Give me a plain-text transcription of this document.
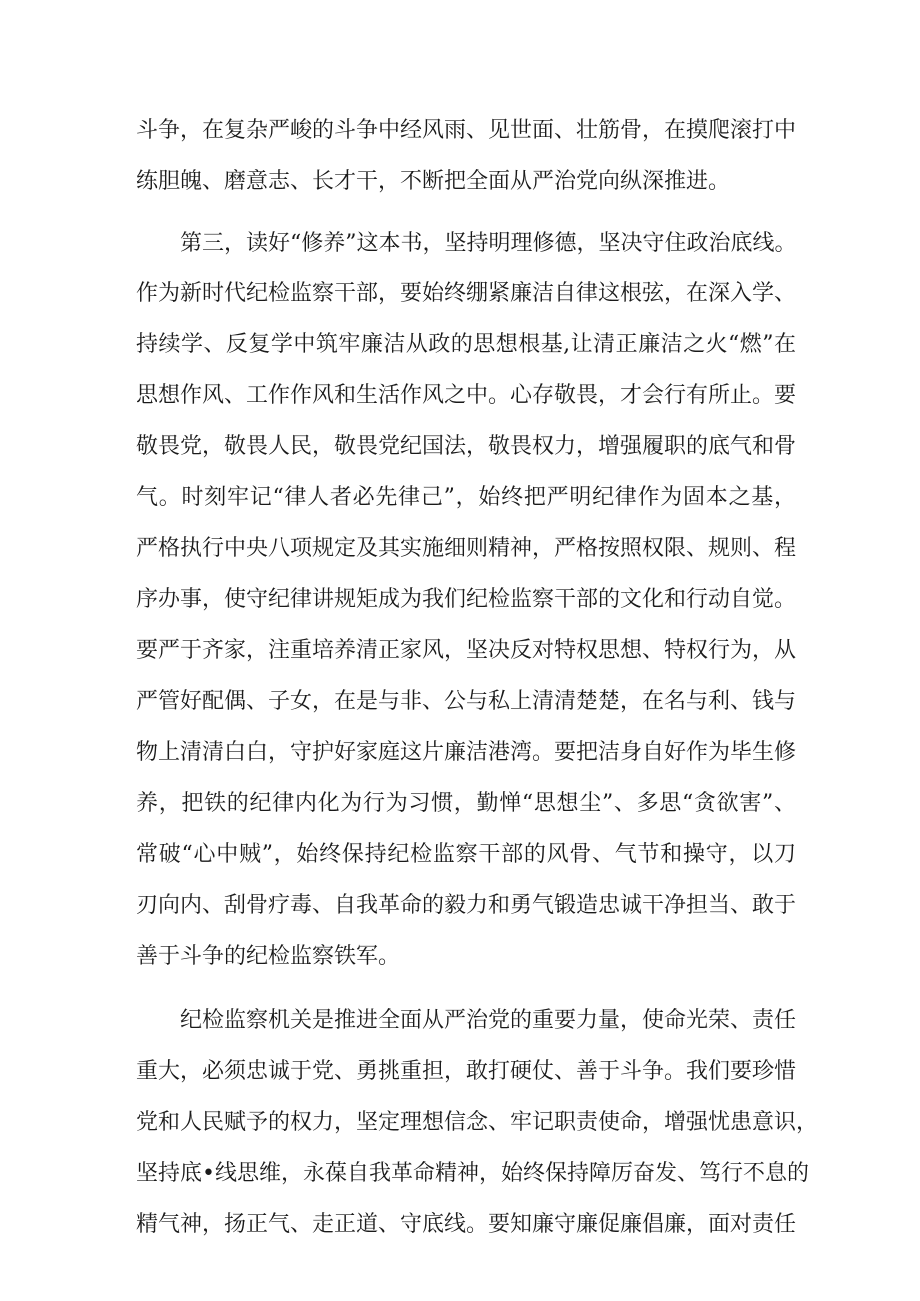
斗争，在复杂严峻的斗争中经风雨、见世面、壮筋骨，在摸爬滚打中
练胆魄、磨意志、长才干，不断把全面从严治党向纵深推进。
第三，读好“修养”这本书，坚持明理修德，坚决守住政治底线。
作为新时代纪检监察干部，要始终绷紧廉洁自律这根弦，在深入学、
持续学、反复学中筑牢廉洁从政的思想根基,让清正廉洁之火“燃”在
思想作风、工作作风和生活作风之中。心存敬畏，才会行有所止。要
敬畏党，敬畏人民，敬畏党纪国法，敬畏权力，增强履职的底气和骨
气。时刻牢记“律人者必先律己”，始终把严明纪律作为固本之基，
严格执行中央八项规定及其实施细则精神，严格按照权限、规则、程
序办事，使守纪律讲规矩成为我们纪检监察干部的文化和行动自觉。
要严于齐家，注重培养清正家风，坚决反对特权思想、特权行为，从
严管好配偶、子女，在是与非、公与私上清清楚楚，在名与利、钱与
物上清清白白，守护好家庭这片廉洁港湾。要把洁身自好作为毕生修
养，把铁的纪律内化为行为习惯，勤惮“思想尘”、多思“贪欲害”、
常破“心中贼”，始终保持纪检监察干部的风骨、气节和操守，以刀
刃向内、刮骨疗毒、自我革命的毅力和勇气锻造忠诚干净担当、敢于
善于斗争的纪检监察铁军。
纪检监察机关是推进全面从严治党的重要力量，使命光荣、责任
重大，必须忠诚于党、勇挑重担，敢打硬仗、善于斗争。我们要珍惜
党和人民赋予的权力，坚定理想信念、牢记职责使命，增强忧患意识，
坚持底•线思维，永葆自我革命精神，始终保持障厉奋发、笃行不息的
精气神，扬正气、走正道、守底线。要知廉守廉促廉倡廉，面对责任
